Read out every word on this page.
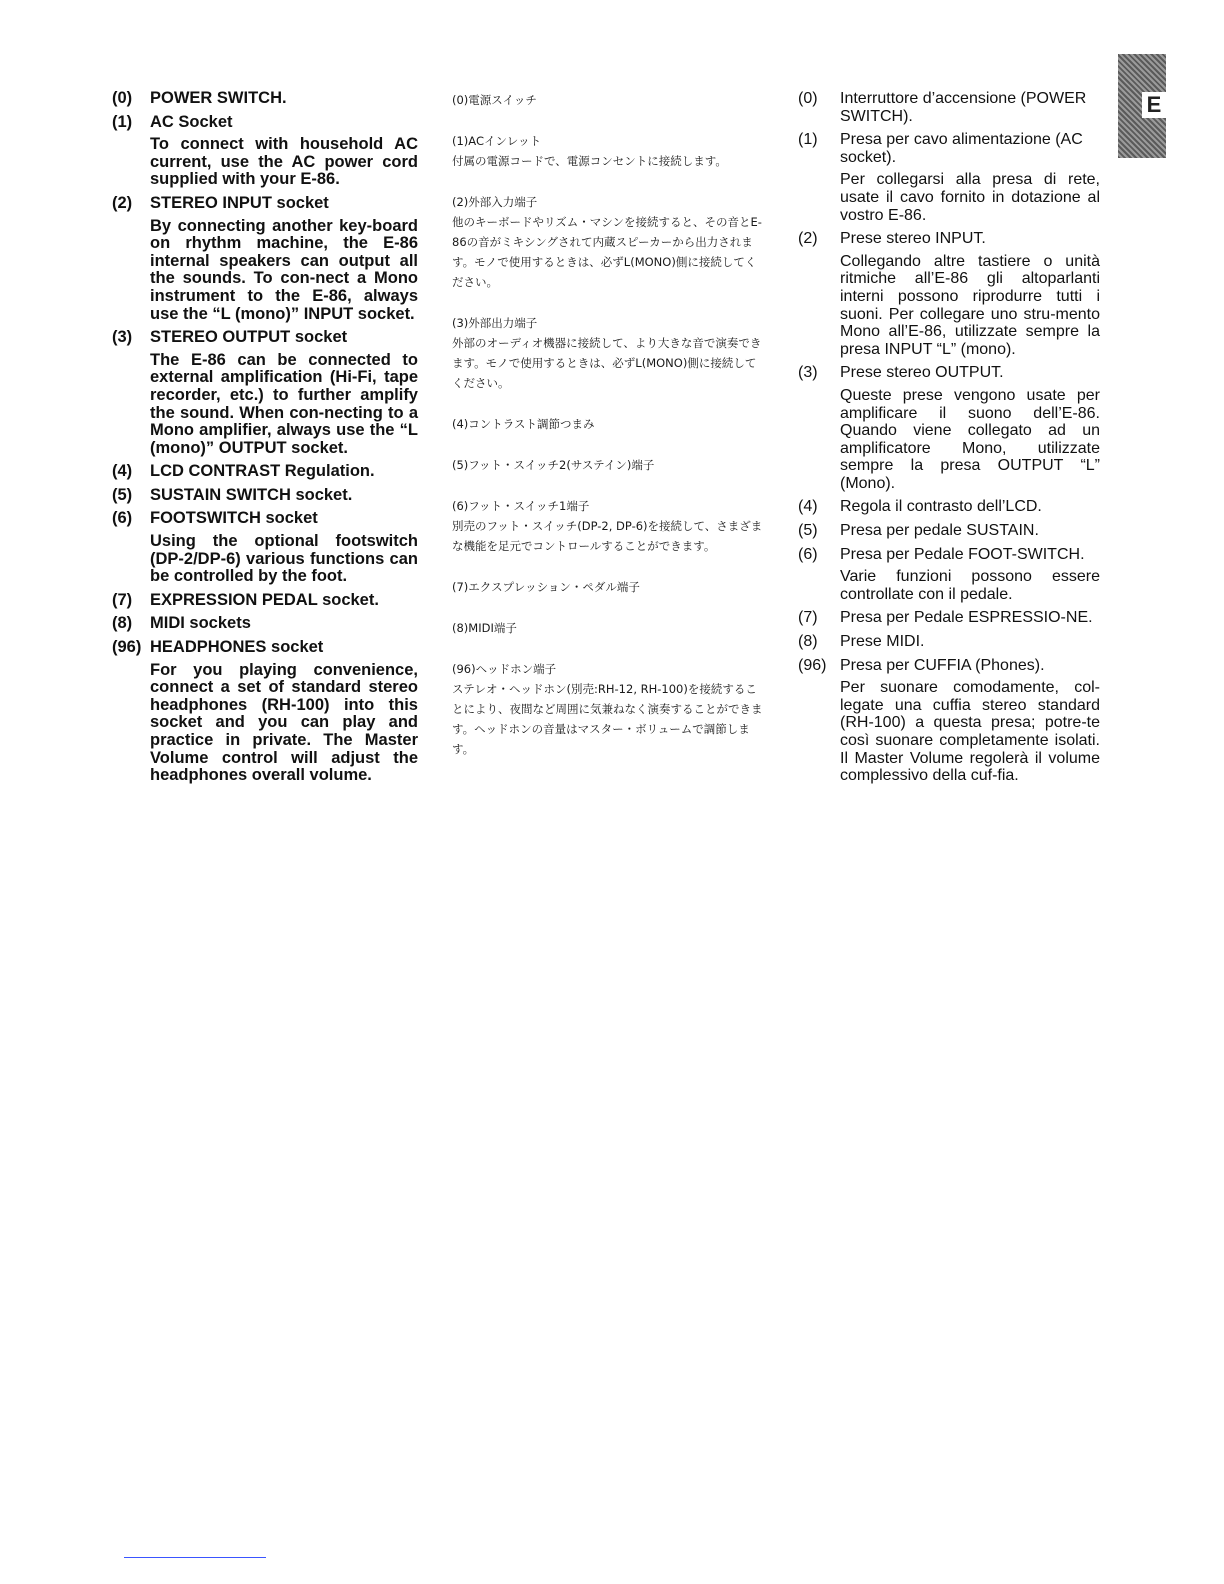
E
(0)	POWER SWITCH.
(1)	AC Socket
To connect with household AC current, use the AC power cord supplied with your E-86.
(2)	STEREO INPUT socket
By connecting another key-board on rhythm machine, the E-86 internal speakers can output all the sounds. To con-nect a Mono instrument to the E-86, always use the “L (mono)” INPUT socket.
(3)	STEREO OUTPUT socket
The E-86 can be connected to external amplification (Hi-Fi, tape recorder, etc.) to further amplify the sound. When con-necting to a Mono amplifier, always use the “L (mono)” OUTPUT socket.
(4)	LCD CONTRAST Regulation.
(5)	SUSTAIN SWITCH socket.
(6)	FOOTSWITCH socket
Using the optional footswitch (DP-2/DP-6) various functions can be controlled by the foot.
(7)	EXPRESSION PEDAL socket.
(8)	MIDI sockets
(96) HEADPHONES socket
For you playing convenience, connect a set of standard stereo headphones (RH-100) into this socket and you can play and practice in private. The Master Volume control will adjust the headphones overall volume.
(0)電源スイッチ
(1)ACインレット
付属の電源コードで、電源コンセントに接続します。
(2)外部入力端子
他のキーボードやリズム・マシンを接続すると、その音とE-86の音がミキシングされて内蔵スピーカーから出力されます。モノで使用するときは、必ずL(MONO)側に接続してください。
(3)外部出力端子
外部のオーディオ機器に接続して、より大きな音で演奏できます。モノで使用するときは、必ずL(MONO)側に接続してください。
(4)コントラスト調節つまみ
(5)フット・スイッチ2(サステイン)端子
(6)フット・スイッチ1端子
別売のフット・スイッチ(DP-2, DP-6)を接続して、さまざまな機能を足元でコントロールすることができます。
(7)エクスプレッション・ペダル端子
(8)MIDI端子
(96)ヘッドホン端子
ステレオ・ヘッドホン(別売:RH-12, RH-100)を接続することにより、夜間など周囲に気兼ねなく演奏することができます。ヘッドホンの音量はマスター・ボリュームで調節します。
(0)	Interruttore d’accensione (POWER SWITCH).
(1)	Presa per cavo alimentazione (AC socket).
Per collegarsi alla presa di rete, usate il cavo fornito in dotazione al vostro E-86.
(2)	Prese stereo INPUT.
Collegando altre tastiere o unità ritmiche all’E-86 gli altoparlanti interni possono riprodurre tutti i suoni. Per collegare uno stru-mento Mono all’E-86, utilizzate sempre la presa INPUT “L” (mono).
(3)	Prese stereo OUTPUT.
Queste prese vengono usate per amplificare il suono dell’E-86. Quando viene collegato ad un amplificatore Mono, utilizzate sempre la presa OUTPUT “L” (Mono).
(4)	Regola il contrasto dell’LCD.
(5)	Presa per pedale SUSTAIN.
(6)	Presa per Pedale FOOT-SWITCH.
Varie funzioni possono essere controllate con il pedale.
(7)	Presa per Pedale ESPRESSIO-NE.
(8)	Prese MIDI.
(96) Presa per CUFFIA (Phones).
Per suonare comodamente, col-legate una cuffia stereo standard (RH-100) a questa presa; potre-te così suonare completamente isolati. Il Master Volume regolerà il volume complessivo della cuf-fia.
